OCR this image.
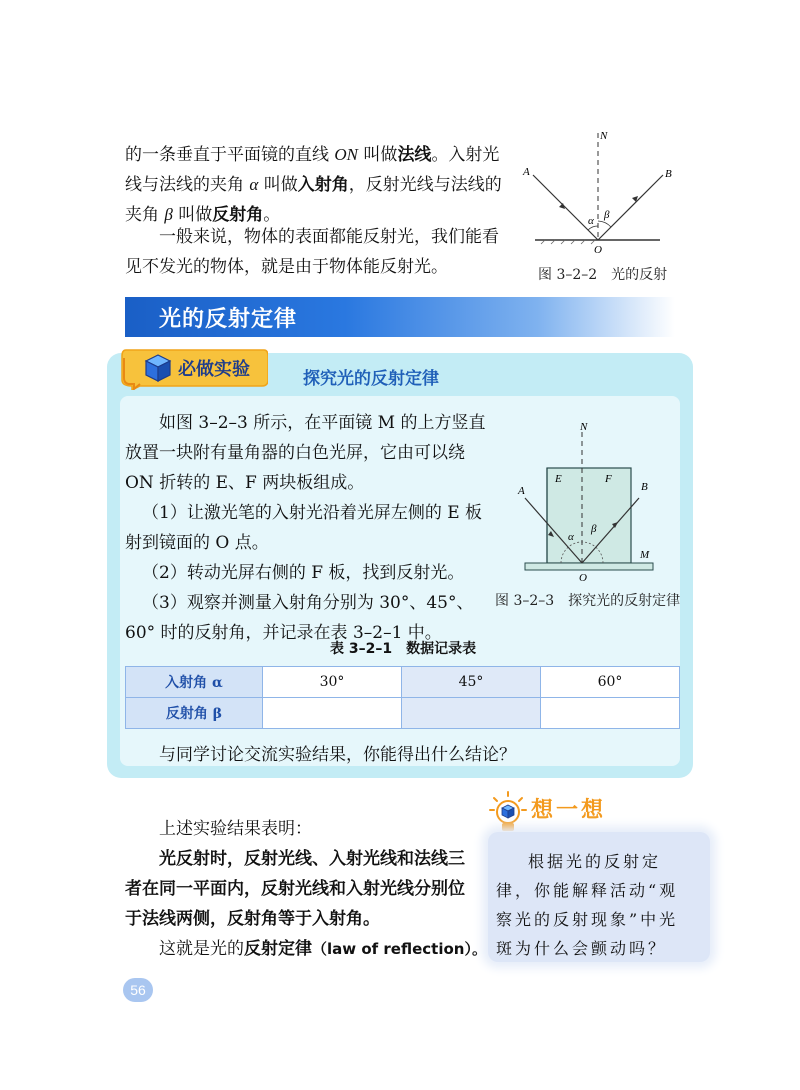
的一条垂直于平面镜的直线 ON 叫做法线。入射光
线与法线的夹角 α 叫做入射角，反射光线与法线的
夹角 β 叫做反射角。
一般来说，物体的表面都能反射光，我们能看
见不发光的物体，就是由于物体能反射光。
N
A	B
O
α β
图 3–2–2　光的反射
光的反射定律
必做实验	探究光的反射定律
如图 3–2–3 所示，在平面镜 M 的上方竖直
放置一块附有量角器的白色光屏，它由可以绕
ON 折转的 E、F 两块板组成。
（1）让激光笔的入射光沿着光屏左侧的 E 板
射到镜面的 O 点。
（2）转动光屏右侧的 F 板，找到反射光。
（3）观察并测量入射角分别为 30°、45°、
60° 时的反射角，并记录在表 3–2–1 中。
N
A	B
E	F
O
M
α
β
图 3–2–3　探究光的反射定律
表 3–2–1　数据记录表
入射角 α	30°	45°	60°
反射角 β			
与同学讨论交流实验结果，你能得出什么结论？
上述实验结果表明：
光反射时，反射光线、入射光线和法线三
者在同一平面内，反射光线和入射光线分别位
于法线两侧，反射角等于入射角。
这就是光的反射定律（law of reflection）。
想一想
根据光的反射定
律，你能解释活动“观
察光的反射现象”中光
斑为什么会颤动吗？
56
